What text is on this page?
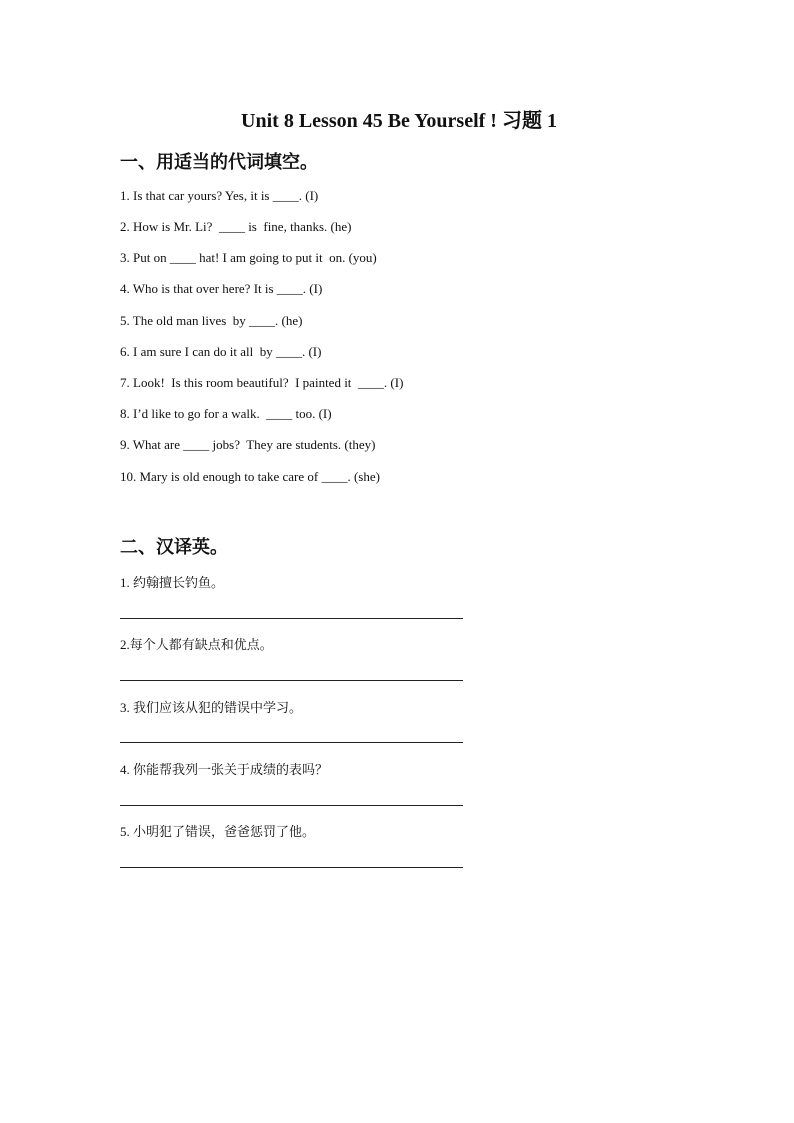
Unit 8 Lesson 45 Be Yourself ! 习题 1
一、用适当的代词填空。
1. Is that car yours? Yes, it is ____. (I)
2. How is Mr. Li?  ____ is  fine, thanks. (he)
3. Put on ____ hat! I am going to put it  on. (you)
4. Who is that over here? It is ____. (I)
5. The old man lives  by ____. (he)
6. I am sure I can do it all  by ____. (I)
7. Look!  Is this room beautiful?  I painted it  ____. (I)
8. I’d like to go for a walk.  ____ too. (I)
9. What are ____ jobs?  They are students. (they)
10. Mary is old enough to take care of ____. (she)
二、汉译英。
1. 约翰擅长钓鱼。
2.每个人都有缺点和优点。
3. 我们应该从犯的错误中学习。
4. 你能帮我列一张关于成绩的表吗？
5. 小明犯了错误，爸爸惩罚了他。
